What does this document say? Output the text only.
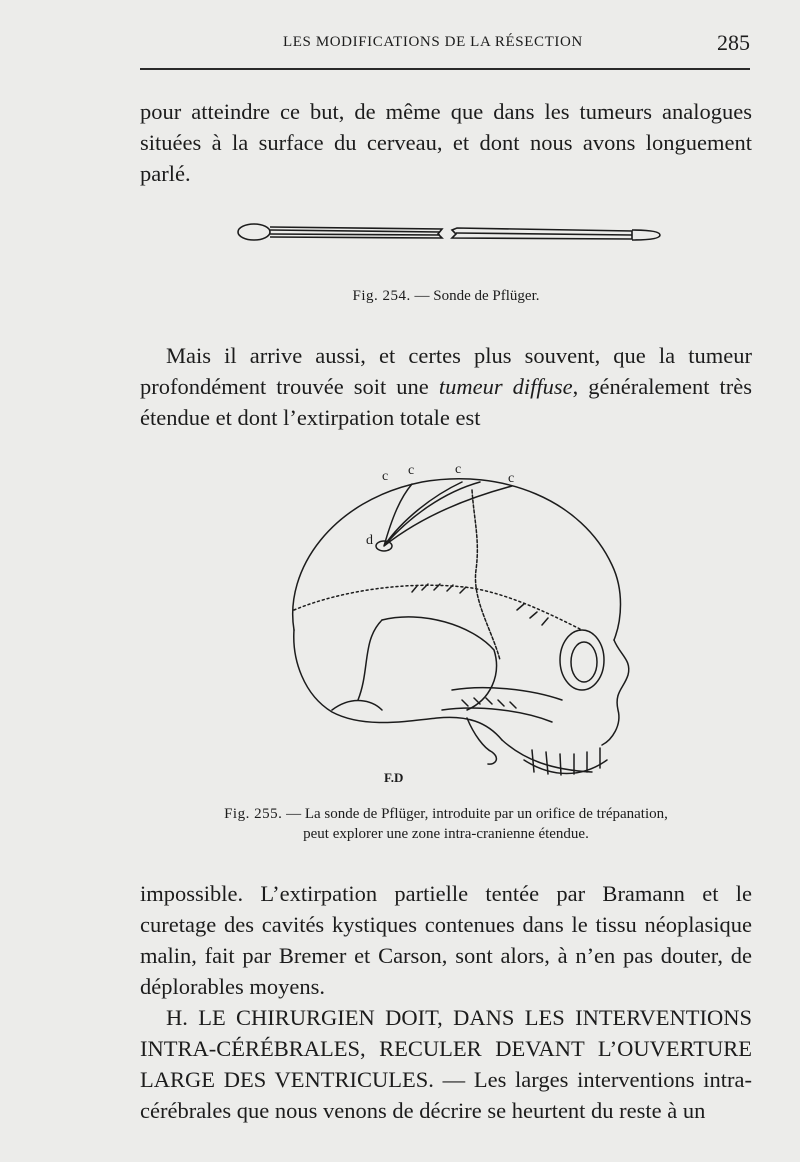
LES MODIFICATIONS DE LA RÉSECTION	285

pour atteindre ce but, de même que dans les tumeurs analogues situées à la surface du cerveau, et dont nous avons longuement parlé.

Fig. 254. — Sonde de Pflüger.

Mais il arrive aussi, et certes plus souvent, que la tumeur profondément trouvée soit une tumeur diffuse, généralement très étendue et dont l’extirpation totale est

c c	c
c
d
F.D
Fig. 255. — La sonde de Pflüger, introduite par un orifice de trépanation,
peut explorer une zone intra-cranienne étendue.

impossible. L’extirpation partielle tentée par Bramann et le curetage des cavités kystiques contenues dans le tissu néoplasique malin, fait par Bremer et Carson, sont alors, à n’en pas douter, de déplorables moyens.

H. LE CHIRURGIEN DOIT, DANS LES INTERVENTIONS INTRA-CÉRÉBRALES, RECULER DEVANT L’OUVERTURE LARGE DES VENTRICULES. — Les larges interventions intra-cérébrales que nous venons de décrire se heurtent du reste à un
